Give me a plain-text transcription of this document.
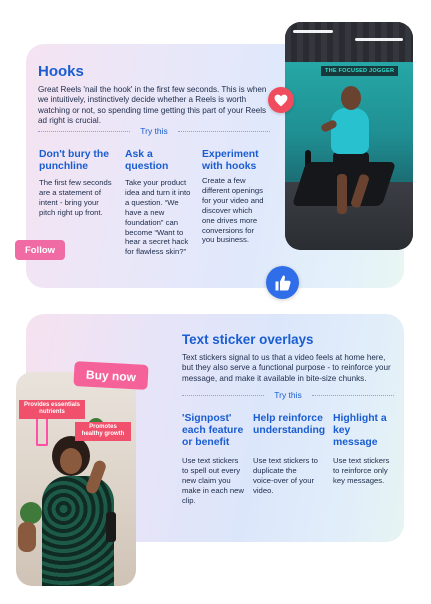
Hooks
Great Reels 'nail the hook' in the first few seconds. This is when we intuitively, instinctively decide whether a Reels is worth watching or not, so spending time getting this part of your Reels ad right is crucial.
Try this
Don't bury the punchline
The first few seconds are a statement of intent - bring your pitch right up front.
Ask a question
Take your product idea and turn it into a question. “We have a new foundation” can become “Want to hear a secret hack for flawless skin?”
Experiment with hooks
Create a few different openings for your video and discover which one drives more conversions for you business.
THE FOCUSED JOGGER
Follow
Text sticker overlays
Text stickers signal to us that a video feels at home here, but they also serve a functional purpose - to reinforce your message, and make it available in bite-size chunks.
Try this
'Signpost' each feature or benefit
Use text stickers to spell out every new claim you make in each new clip.
Help reinforce understanding
Use text stickers to duplicate the voice-over of your video.
Highlight a key message
Use text stickers to reinforce only key messages.
Provides essentials nutrients
Promotes healthy growth
Buy now
